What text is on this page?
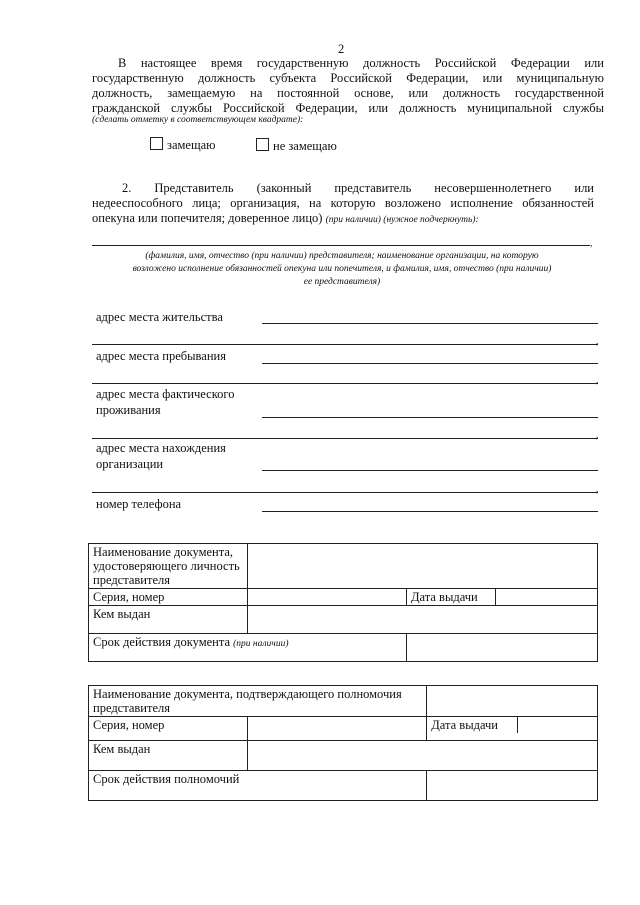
2
В настоящее время государственную должность Российской Федерации или
государственную должность субъекта Российской Федерации, или муниципальную
должность, замещаемую на постоянной основе, или должность государственной
гражданской службы Российской Федерации, или должность муниципальной службы
(сделать отметку в соответствующем квадрате):
замещаю	не замещаю
2. Представитель (законный представитель несовершеннолетнего или
недееспособного лица; организация, на которую возложено исполнение обязанностей
опекуна или попечителя; доверенное лицо) (при наличии) (нужное подчеркнуть):
,
(фамилия, имя, отчество (при наличии) представителя; наименование организации, на которую
возложено исполнение обязанностей опекуна или попечителя, и фамилия, имя, отчество (при наличии)
ее представителя)
адрес места жительства
,
адрес места пребывания
,
адрес места фактического
проживания
,
адрес места нахождения
организации
,
номер телефона
Наименование документа, удостоверяющего личность представителя			
Серия, номер		Дата выдачи	
Кем выдан			
Срок действия документа (при наличии)			
Наименование документа, подтверждающего полномочия представителя	
Серия, номер			Дата выдачи	

Кем выдан	
Срок действия полномочий	
